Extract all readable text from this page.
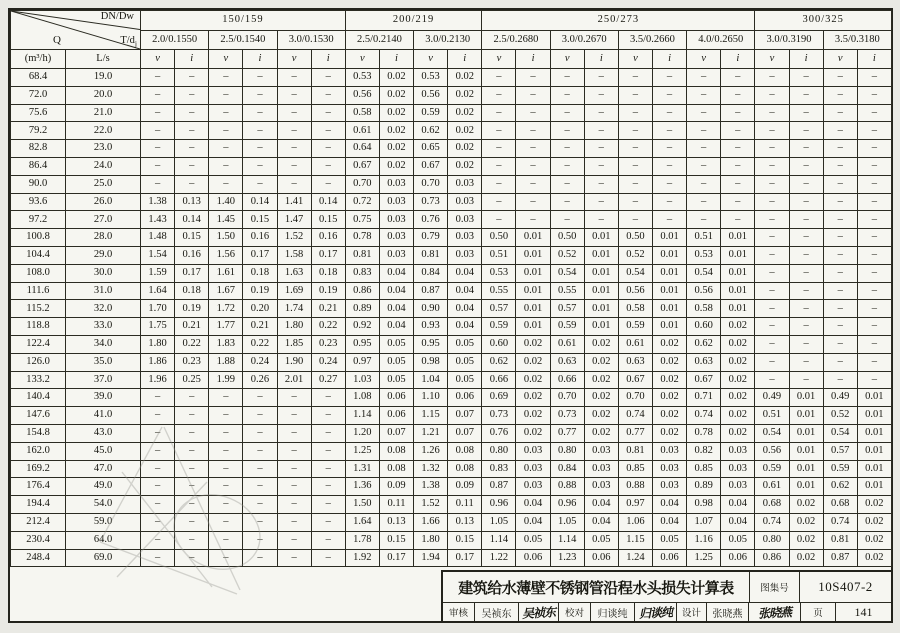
DN/Dw
$T/d_j$
Q		150/159						200/219				250/273								300/325			
		2.0/0.1550		2.5/0.1540		3.0/0.1530		2.5/0.2140		3.0/0.2130		2.5/0.2680		3.0/0.2670		3.5/0.2660		4.0/0.2650		3.0/0.3190		3.5/0.3180	
(m³/h)	L/s	v	i	v	i	v	i	v	i	v	i	v	i	v	i	v	i	v	i	v	i	v	i
68.4	19.0	–	–	–	–	–	–	0.53	0.02	0.53	0.02	–	–	–	–	–	–	–	–	–	–	–	–
72.0	20.0	–	–	–	–	–	–	0.56	0.02	0.56	0.02	–	–	–	–	–	–	–	–	–	–	–	–
75.6	21.0	–	–	–	–	–	–	0.58	0.02	0.59	0.02	–	–	–	–	–	–	–	–	–	–	–	–
79.2	22.0	–	–	–	–	–	–	0.61	0.02	0.62	0.02	–	–	–	–	–	–	–	–	–	–	–	–
82.8	23.0	–	–	–	–	–	–	0.64	0.02	0.65	0.02	–	–	–	–	–	–	–	–	–	–	–	–
86.4	24.0	–	–	–	–	–	–	0.67	0.02	0.67	0.02	–	–	–	–	–	–	–	–	–	–	–	–
90.0	25.0	–	–	–	–	–	–	0.70	0.03	0.70	0.03	–	–	–	–	–	–	–	–	–	–	–	–
93.6	26.0	1.38	0.13	1.40	0.14	1.41	0.14	0.72	0.03	0.73	0.03	–	–	–	–	–	–	–	–	–	–	–	–
97.2	27.0	1.43	0.14	1.45	0.15	1.47	0.15	0.75	0.03	0.76	0.03	–	–	–	–	–	–	–	–	–	–	–	–
100.8	28.0	1.48	0.15	1.50	0.16	1.52	0.16	0.78	0.03	0.79	0.03	0.50	0.01	0.50	0.01	0.50	0.01	0.51	0.01	–	–	–	–
104.4	29.0	1.54	0.16	1.56	0.17	1.58	0.17	0.81	0.03	0.81	0.03	0.51	0.01	0.52	0.01	0.52	0.01	0.53	0.01	–	–	–	–
108.0	30.0	1.59	0.17	1.61	0.18	1.63	0.18	0.83	0.04	0.84	0.04	0.53	0.01	0.54	0.01	0.54	0.01	0.54	0.01	–	–	–	–
111.6	31.0	1.64	0.18	1.67	0.19	1.69	0.19	0.86	0.04	0.87	0.04	0.55	0.01	0.55	0.01	0.56	0.01	0.56	0.01	–	–	–	–
115.2	32.0	1.70	0.19	1.72	0.20	1.74	0.21	0.89	0.04	0.90	0.04	0.57	0.01	0.57	0.01	0.58	0.01	0.58	0.01	–	–	–	–
118.8	33.0	1.75	0.21	1.77	0.21	1.80	0.22	0.92	0.04	0.93	0.04	0.59	0.01	0.59	0.01	0.59	0.01	0.60	0.02	–	–	–	–
122.4	34.0	1.80	0.22	1.83	0.22	1.85	0.23	0.95	0.05	0.95	0.05	0.60	0.02	0.61	0.02	0.61	0.02	0.62	0.02	–	–	–	–
126.0	35.0	1.86	0.23	1.88	0.24	1.90	0.24	0.97	0.05	0.98	0.05	0.62	0.02	0.63	0.02	0.63	0.02	0.63	0.02	–	–	–	–
133.2	37.0	1.96	0.25	1.99	0.26	2.01	0.27	1.03	0.05	1.04	0.05	0.66	0.02	0.66	0.02	0.67	0.02	0.67	0.02	–	–	–	–
140.4	39.0	–	–	–	–	–	–	1.08	0.06	1.10	0.06	0.69	0.02	0.70	0.02	0.70	0.02	0.71	0.02	0.49	0.01	0.49	0.01
147.6	41.0	–	–	–	–	–	–	1.14	0.06	1.15	0.07	0.73	0.02	0.73	0.02	0.74	0.02	0.74	0.02	0.51	0.01	0.52	0.01
154.8	43.0	–	–	–	–	–	–	1.20	0.07	1.21	0.07	0.76	0.02	0.77	0.02	0.77	0.02	0.78	0.02	0.54	0.01	0.54	0.01
162.0	45.0	–	–	–	–	–	–	1.25	0.08	1.26	0.08	0.80	0.03	0.80	0.03	0.81	0.03	0.82	0.03	0.56	0.01	0.57	0.01
169.2	47.0	–	–	–	–	–	–	1.31	0.08	1.32	0.08	0.83	0.03	0.84	0.03	0.85	0.03	0.85	0.03	0.59	0.01	0.59	0.01
176.4	49.0	–	–	–	–	–	–	1.36	0.09	1.38	0.09	0.87	0.03	0.88	0.03	0.88	0.03	0.89	0.03	0.61	0.01	0.62	0.01
194.4	54.0	–	–	–	–	–	–	1.50	0.11	1.52	0.11	0.96	0.04	0.96	0.04	0.97	0.04	0.98	0.04	0.68	0.02	0.68	0.02
212.4	59.0	–	–	–	–	–	–	1.64	0.13	1.66	0.13	1.05	0.04	1.05	0.04	1.06	0.04	1.07	0.04	0.74	0.02	0.74	0.02
230.4	64.0	–	–	–	–	–	–	1.78	0.15	1.80	0.15	1.14	0.05	1.14	0.05	1.15	0.05	1.16	0.05	0.80	0.02	0.81	0.02
248.4	69.0	–	–	–	–	–	–	1.92	0.17	1.94	0.17	1.22	0.06	1.23	0.06	1.24	0.06	1.25	0.06	0.86	0.02	0.87	0.02
建筑给水薄壁不锈钢管沿程水头损失计算表	图集号	10S407-2
审核	吴祯东 吴祯东	校对	归谈纯 归谈纯	设计	张晓燕	张晓燕	页	141
